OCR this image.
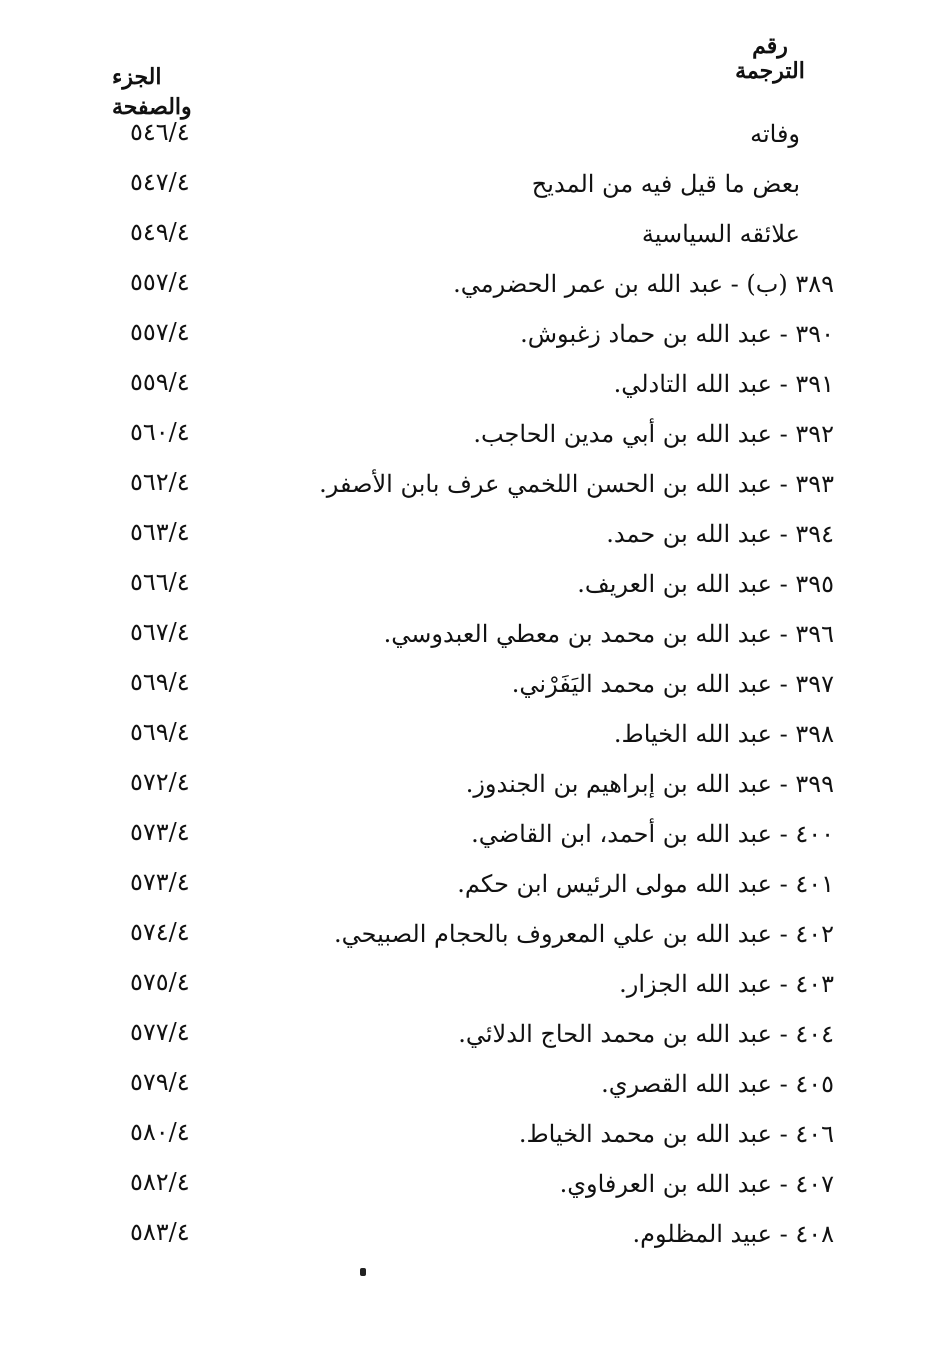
رقم
الترجمة
الجزء والصفحة
وفاته
٥٤٦/٤
بعض ما قيل فيه من المديح
٥٤٧/٤
علائقه السياسية
٥٤٩/٤
٣٨٩ (ب) - عبد الله بن عمر الحضرمي.
٥٥٧/٤
٣٩٠ - عبد الله بن حماد زغبوش.
٥٥٧/٤
٣٩١ - عبد الله التادلي.
٥٥٩/٤
٣٩٢ - عبد الله بن أبي مدين الحاجب.
٥٦٠/٤
٣٩٣ - عبد الله بن الحسن اللخمي عرف بابن الأصفر.
٥٦٢/٤
٣٩٤ - عبد الله بن حمد.
٥٦٣/٤
٣٩٥ - عبد الله بن العريف.
٥٦٦/٤
٣٩٦ - عبد الله بن محمد بن معطي العبدوسي.
٥٦٧/٤
٣٩٧ - عبد الله بن محمد اليَفَرْني.
٥٦٩/٤
٣٩٨ - عبد الله الخياط.
٥٦٩/٤
٣٩٩ - عبد الله بن إبراهيم بن الجندوز.
٥٧٢/٤
٤٠٠ - عبد الله بن أحمد، ابن القاضي.
٥٧٣/٤
٤٠١ - عبد الله مولى الرئيس ابن حكم.
٥٧٣/٤
٤٠٢ - عبد الله بن علي المعروف بالحجام الصبيحي.
٥٧٤/٤
٤٠٣ - عبد الله الجزار.
٥٧٥/٤
٤٠٤ - عبد الله بن محمد الحاج الدلائي.
٥٧٧/٤
٤٠٥ - عبد الله القصري.
٥٧٩/٤
٤٠٦ - عبد الله بن محمد الخياط.
٥٨٠/٤
٤٠٧ - عبد الله بن العرفاوي.
٥٨٢/٤
٤٠٨ - عبيد المظلوم.
٥٨٣/٤
